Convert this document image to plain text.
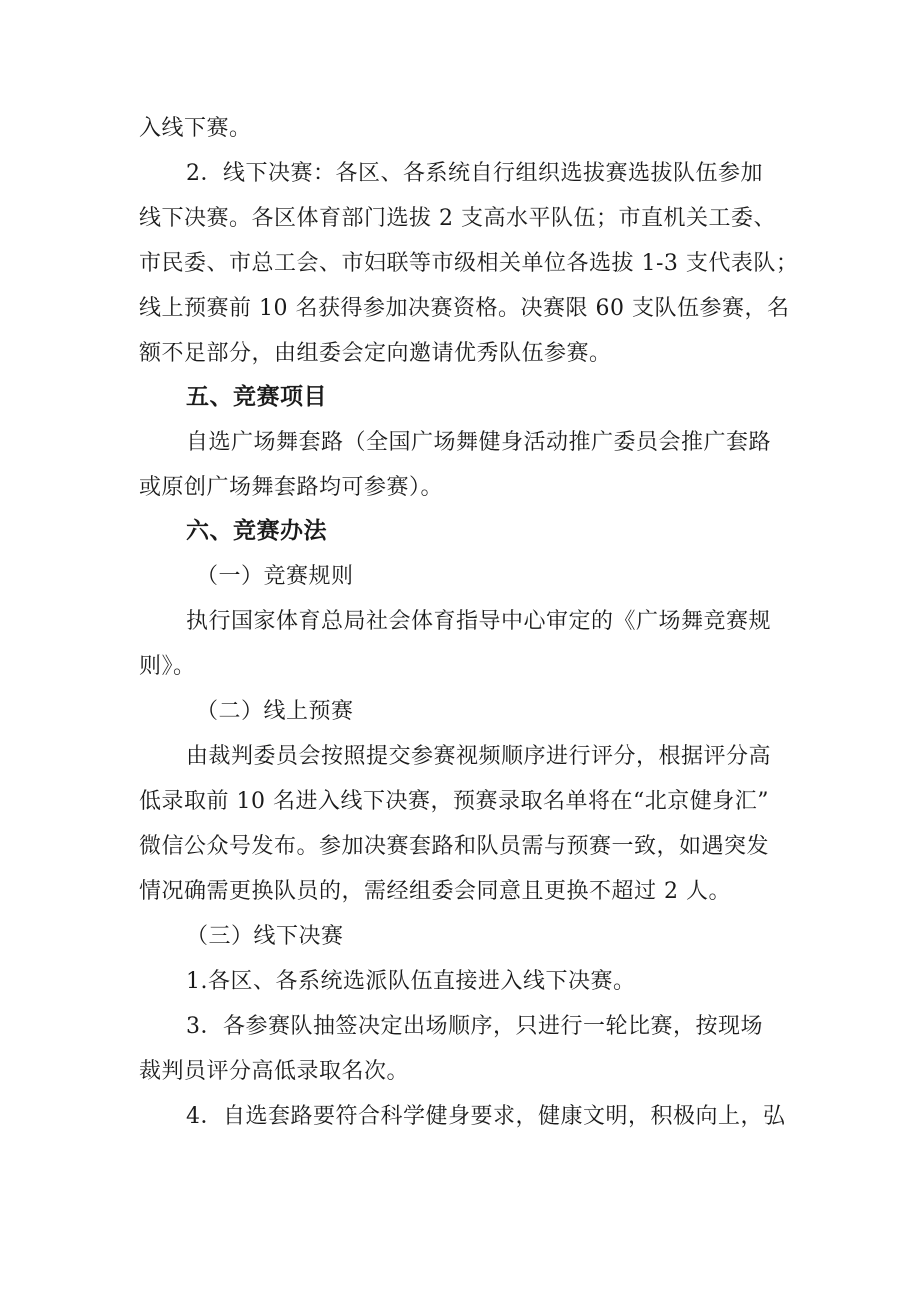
入线下赛。
2．线下决赛：各区、各系统自行组织选拔赛选拔队伍参加
线下决赛。各区体育部门选拔 2 支高水平队伍；市直机关工委、
市民委、市总工会、市妇联等市级相关单位各选拔 1-3 支代表队；
线上预赛前 10 名获得参加决赛资格。决赛限 60 支队伍参赛，名
额不足部分，由组委会定向邀请优秀队伍参赛。
五、竞赛项目
自选广场舞套路（全国广场舞健身活动推广委员会推广套路
或原创广场舞套路均可参赛）。
六、竞赛办法
（一）竞赛规则
执行国家体育总局社会体育指导中心审定的《广场舞竞赛规
则》。
（二）线上预赛
由裁判委员会按照提交参赛视频顺序进行评分，根据评分高
低录取前 10 名进入线下决赛，预赛录取名单将在“北京健身汇”
微信公众号发布。参加决赛套路和队员需与预赛一致，如遇突发
情况确需更换队员的，需经组委会同意且更换不超过 2 人。
（三）线下决赛
1.各区、各系统选派队伍直接进入线下决赛。
3．各参赛队抽签决定出场顺序，只进行一轮比赛，按现场
裁判员评分高低录取名次。
4．自选套路要符合科学健身要求，健康文明，积极向上，弘
